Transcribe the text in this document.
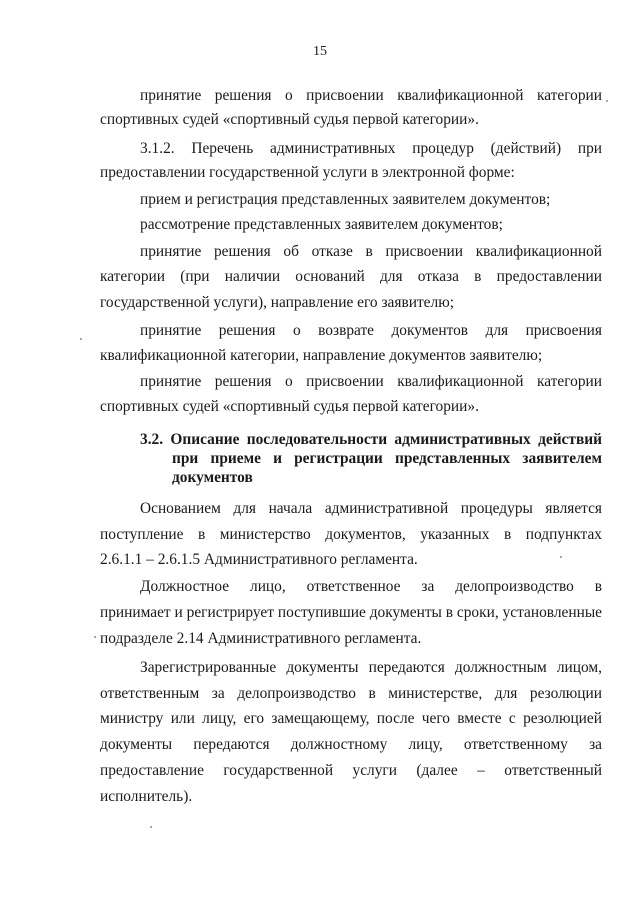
15
принятие решения о присвоении квалификационной категории
спортивных судей «спортивный судья первой категории».
3.1.2. Перечень административных процедур (действий) при
предоставлении государственной услуги в электронной форме:
прием и регистрация представленных заявителем документов;
рассмотрение представленных заявителем документов;
принятие решения об отказе в присвоении квалификационной
категории (при наличии оснований для отказа в предоставлении
государственной услуги), направление его заявителю;
принятие решения о возврате документов для присвоения
квалификационной категории, направление документов заявителю;
принятие решения о присвоении квалификационной категории
спортивных судей «спортивный судья первой категории».
3.2. Описание последовательности административных действий
при приеме и регистрации представленных заявителем
документов
Основанием для начала административной процедуры является
поступление в министерство документов, указанных в подпунктах
2.6.1.1 – 2.6.1.5 Административного регламента.
Должностное лицо, ответственное за делопроизводство в
принимает и регистрирует поступившие документы в сроки, установленные
подразделе 2.14 Административного регламента.
Зарегистрированные документы передаются должностным лицом,
ответственным за делопроизводство в министерстве, для резолюции
министру или лицу, его замещающему, после чего вместе с резолюцией
документы передаются должностному лицу, ответственному за
предоставление государственной услуги (далее – ответственный
исполнитель).
